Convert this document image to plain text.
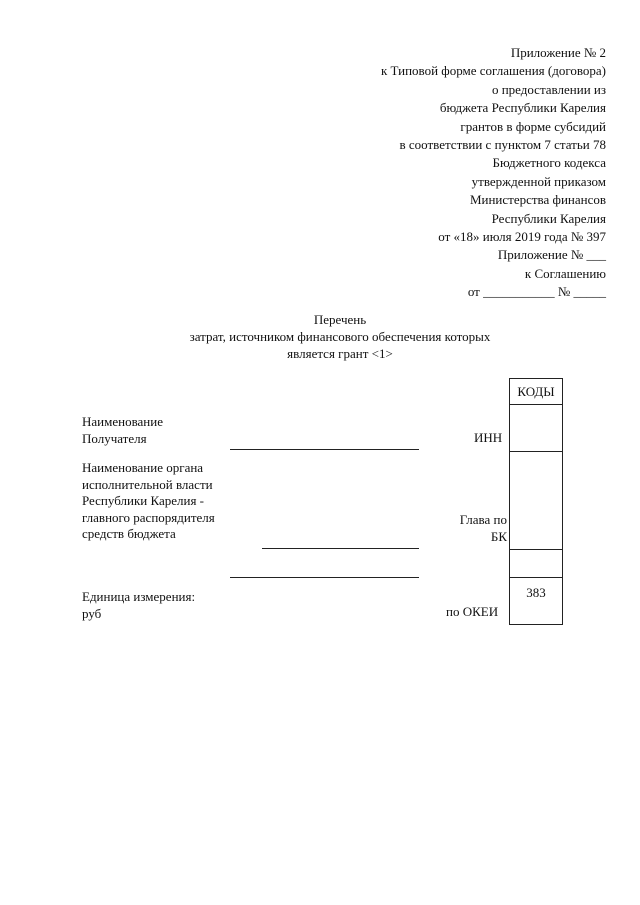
Приложение № 2
к Типовой форме соглашения (договора)
о предоставлении из
бюджета Республики Карелия
грантов в форме субсидий
в соответствии с пунктом 7 статьи 78
Бюджетного кодекса
утвержденной приказом
Министерства финансов
Республики Карелия
от «18» июля 2019 года № 397
Приложение № ___
к Соглашению
от ___________ № _____
Перечень
затрат, источником финансового обеспечения которых
является грант <1>
КОДЫ
383
Наименование
Получателя	ИНН
Наименование органа
исполнительной власти
Республики Карелия -
главного распорядителя
средств бюджета
Глава по
БК
Единица измерения:
руб	по ОКЕИ
